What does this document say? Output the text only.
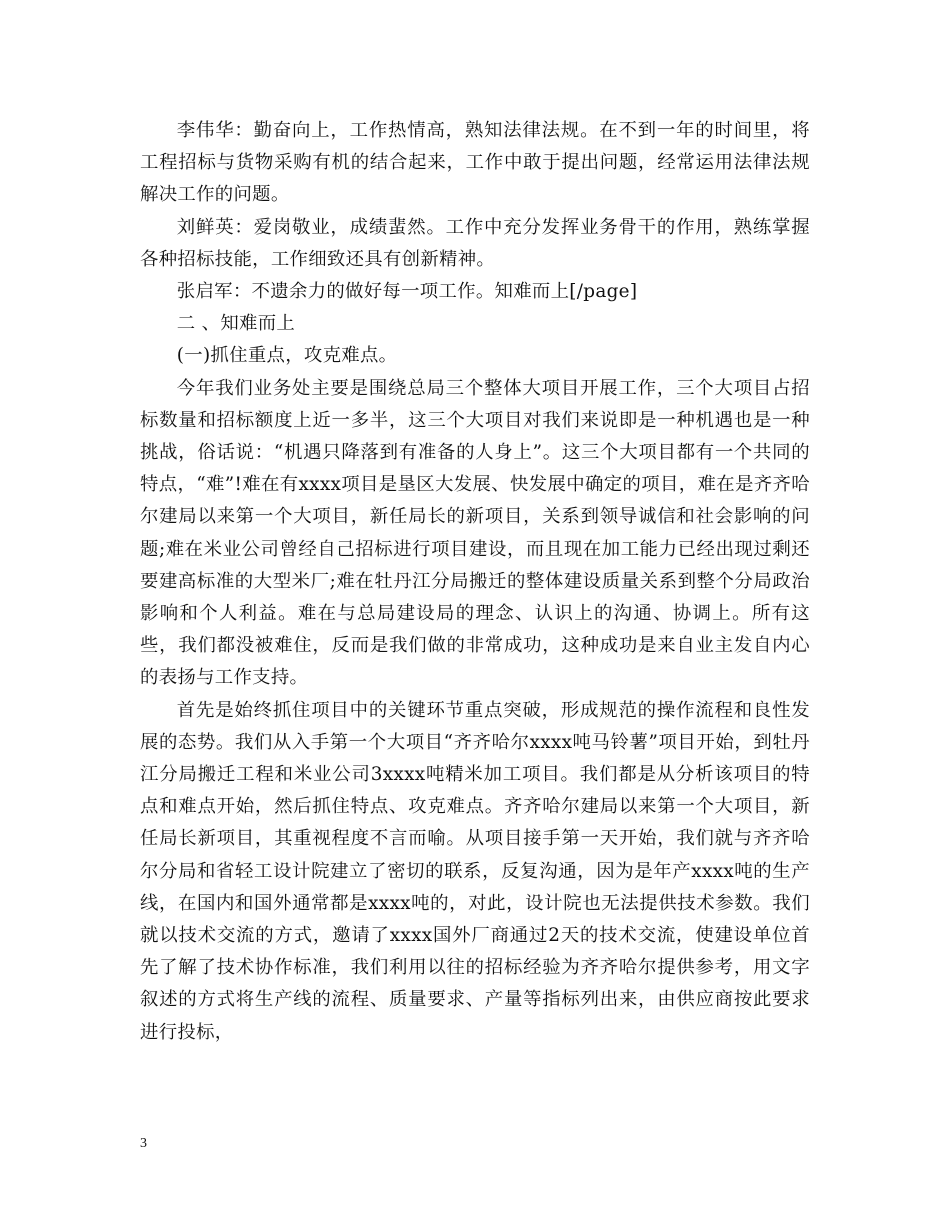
李伟华：勤奋向上，工作热情高，熟知法律法规。在不到一年的时间里，将工程招标与货物采购有机的结合起来，工作中敢于提出问题，经常运用法律法规解决工作的问题。

刘鲜英：爱岗敬业，成绩蜚然。工作中充分发挥业务骨干的作用，熟练掌握各种招标技能，工作细致还具有创新精神。

张启军：不遗余力的做好每一项工作。知难而上[/page]

二 、知难而上

(一)抓住重点，攻克难点。

今年我们业务处主要是围绕总局三个整体大项目开展工作，三个大项目占招标数量和招标额度上近一多半，这三个大项目对我们来说即是一种机遇也是一种挑战，俗话说：“机遇只降落到有准备的人身上”。这三个大项目都有一个共同的特点，“难”!难在有xxxx项目是垦区大发展、快发展中确定的项目，难在是齐齐哈尔建局以来第一个大项目，新任局长的新项目，关系到领导诚信和社会影响的问题;难在米业公司曾经自己招标进行项目建设，而且现在加工能力已经出现过剩还要建高标准的大型米厂;难在牡丹江分局搬迁的整体建设质量关系到整个分局政治影响和个人利益。难在与总局建设局的理念、认识上的沟通、协调上。所有这些，我们都没被难住，反而是我们做的非常成功，这种成功是来自业主发自内心的表扬与工作支持。

首先是始终抓住项目中的关键环节重点突破，形成规范的操作流程和良性发展的态势。我们从入手第一个大项目“齐齐哈尔xxxx吨马铃薯”项目开始，到牡丹江分局搬迁工程和米业公司3xxxx吨精米加工项目。我们都是从分析该项目的特点和难点开始，然后抓住特点、攻克难点。齐齐哈尔建局以来第一个大项目，新任局长新项目，其重视程度不言而喻。从项目接手第一天开始，我们就与齐齐哈尔分局和省轻工设计院建立了密切的联系，反复沟通，因为是年产xxxx吨的生产线，在国内和国外通常都是xxxx吨的，对此，设计院也无法提供技术参数。我们就以技术交流的方式，邀请了xxxx国外厂商通过2天的技术交流，使建设单位首先了解了技术协作标准，我们利用以往的招标经验为齐齐哈尔提供参考，用文字叙述的方式将生产线的流程、质量要求、产量等指标列出来，由供应商按此要求进行投标，

3
